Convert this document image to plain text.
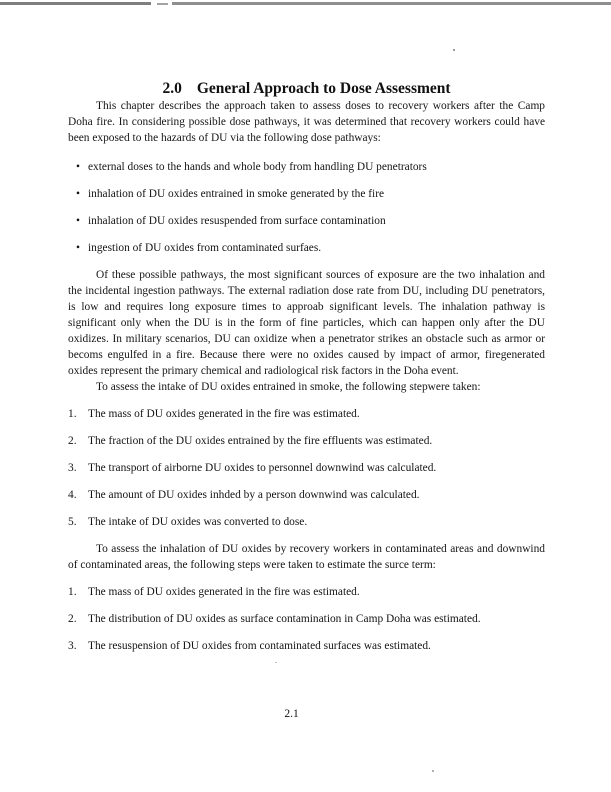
2.0 General Approach to Dose Assessment

This chapter describes the approach taken to assess doses to recovery workers after the Camp Doha fire. In considering possible dose pathways, it was determined that recovery workers could have been exposed to the hazards of DU via the following dose pathways:

• external doses to the hands and whole body from handling DU penetrators
• inhalation of DU oxides entrained in smoke generated by the fire
• inhalation of DU oxides resuspended from surface contamination
• ingestion of DU oxides from contaminated surfaes.

Of these possible pathways, the most significant sources of exposure are the two inhalation and the incidental ingestion pathways. The external radiation dose rate from DU, including DU penetrators, is low and requires long exposure times to approab significant levels. The inhalation pathway is significant only when the DU is in the form of fine particles, which can happen only after the DU oxidizes. In military scenarios, DU can oxidize when a penetrator strikes an obstacle such as armor or becoms engulfed in a fire. Because there were no oxides caused by impact of armor, firegenerated oxides represent the primary chemical and radiological risk factors in the Doha event.

To assess the intake of DU oxides entrained in smoke, the following stepwere taken:

1.	The mass of DU oxides generated in the fire was estimated.
2.	The fraction of the DU oxides entrained by the fire effluents was estimated.
3.	The transport of airborne DU oxides to personnel downwind was calculated.
4.	The amount of DU oxides inhded by a person downwind was calculated.
5.	The intake of DU oxides was converted to dose.

To assess the inhalation of DU oxides by recovery workers in contaminated areas and downwind of contaminated areas, the following steps were taken to estimate the surce term:

1.	The mass of DU oxides generated in the fire was estimated.
2.	The distribution of DU oxides as surface contamination in Camp Doha was estimated.
3.	The resuspension of DU oxides from contaminated surfaces was estimated.
2.1
